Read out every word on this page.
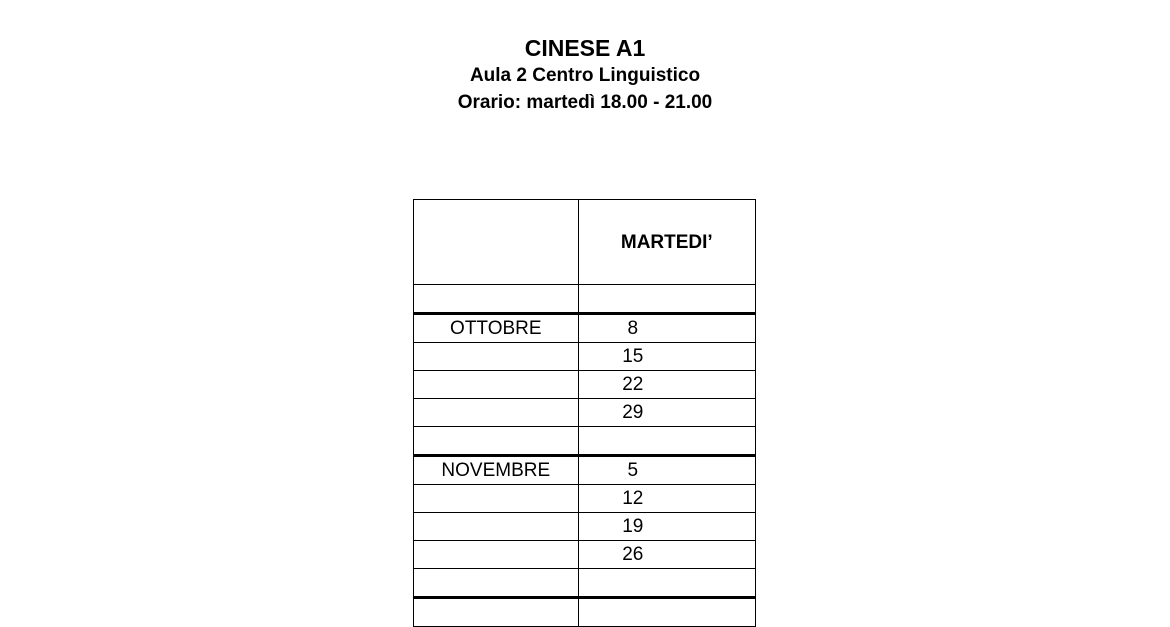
CINESE A1
Aula 2 Centro Linguistico
Orario: martedì 18.00 - 21.00
	MARTEDI’

OTTOBRE	8
	15
	22
	29

NOVEMBRE	5
	12
	19
	26
